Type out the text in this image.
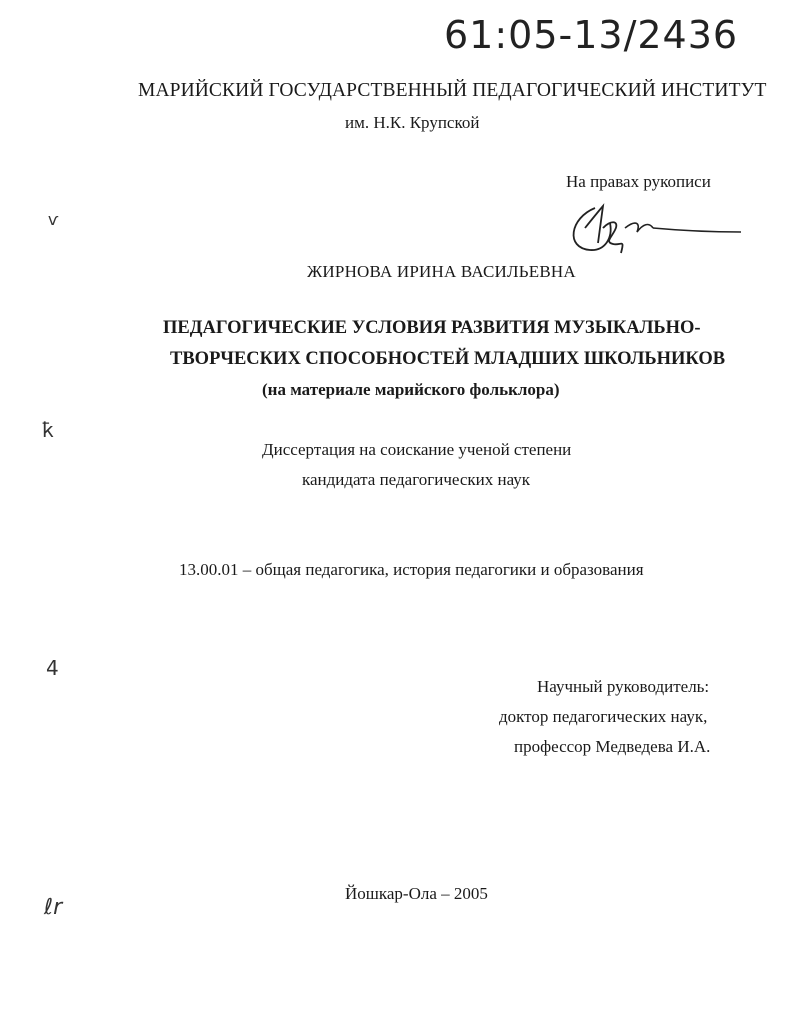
61:05-13/2436
МАРИЙСКИЙ ГОСУДАРСТВЕННЫЙ ПЕДАГОГИЧЕСКИЙ ИНСТИТУТ
им. Н.К. Крупской
На правах рукописи
ЖИРНОВА ИРИНА ВАСИЛЬЕВНА
ПЕДАГОГИЧЕСКИЕ УСЛОВИЯ РАЗВИТИЯ МУЗЫКАЛЬНО-
ТВОРЧЕСКИХ СПОСОБНОСТЕЙ МЛАДШИХ ШКОЛЬНИКОВ
(на материале марийского фольклора)
Диссертация на соискание ученой степени
кандидата педагогических наук
13.00.01 – общая педагогика, история педагогики и образования
Научный руководитель:
доктор педагогических наук,
профессор Медведева И.А.
Йошкар-Ола – 2005
ѵ
ҟ
4
ℓr
